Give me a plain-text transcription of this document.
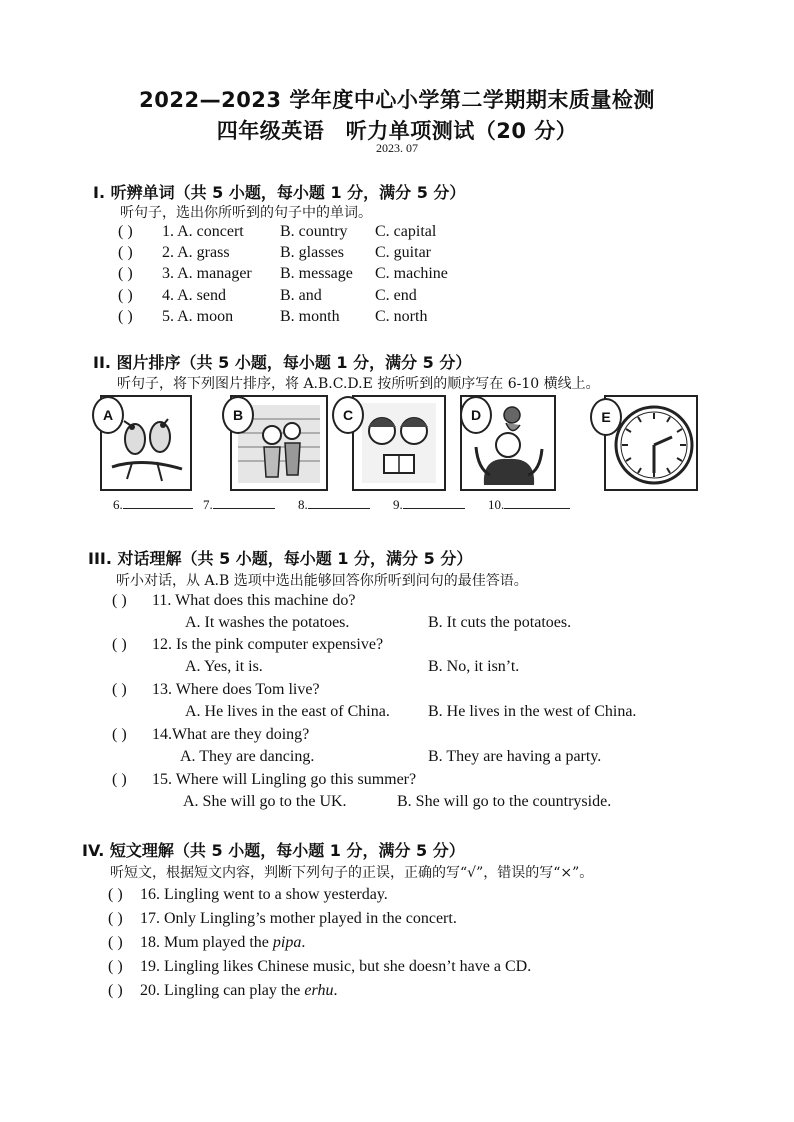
2022—2023 学年度中心小学第二学期期末质量检测
四年级英语　听力单项测试（20 分）
2023. 07
I. 听辨单词（共 5 小题，每小题 1 分，满分 5 分）
听句子，选出你所听到的句子中的单词。
( ) 1. A. concert B. country C. capital
( ) 2. A. grass	B. glasses C. guitar
( ) 3. A. manager B. message C. machine
( ) 4. A. send	B. and	C. end
( ) 5. A. moon	B. month C. north
II. 图片排序（共 5 小题，每小题 1 分，满分 5 分）
听句子，将下列图片排序，将 A.B.C.D.E 按所听到的顺序写在 6-10 横线上。
A	B	C	D	E
6.	7.	8.	9.	10.
III. 对话理解（共 5 小题，每小题 1 分，满分 5 分）
听小对话，从 A.B 选项中选出能够回答你所听到问句的最佳答语。
( ) 11. What does this machine do?
A. It washes the potatoes.	B. It cuts the potatoes.
( ) 12. Is the pink computer expensive?
A. Yes, it is.	B. No, it isn’t.
( ) 13. Where does Tom live?
A. He lives in the east of China. B. He lives in the west of China.
( ) 14.What are they doing?
A. They are dancing.	B. They are having a party.
( ) 15. Where will Lingling go this summer?
A. She will go to the UK.	B. She will go to the countryside.
IV. 短文理解（共 5 小题，每小题 1 分，满分 5 分）
听短文，根据短文内容，判断下列句子的正误，正确的写“√”，错误的写“×”。
( ) 16. Lingling went to a show yesterday.
( ) 17. Only Lingling’s mother played in the concert.
( ) 18. Mum played the pipa.
( ) 19. Lingling likes Chinese music, but she doesn’t have a CD.
( ) 20. Lingling can play the erhu.
